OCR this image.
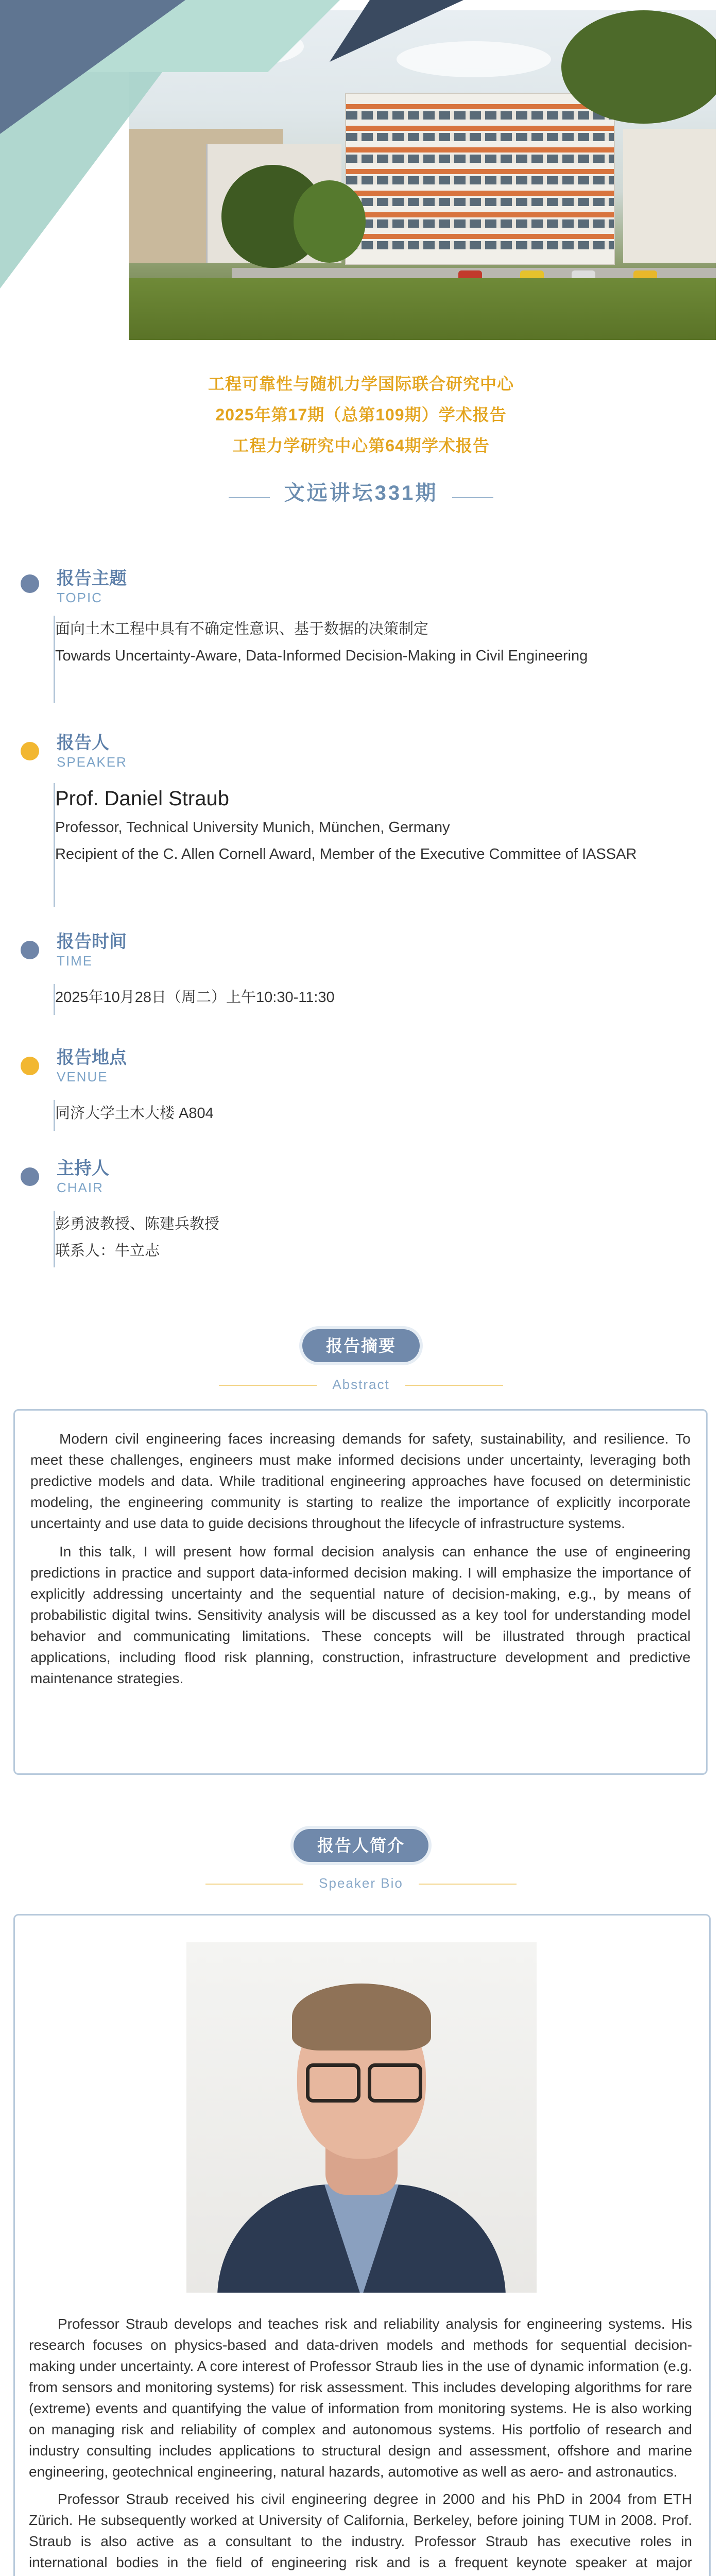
工程可靠性与随机力学国际联合研究中心
2025年第17期（总第109期）学术报告
工程力学研究中心第64期学术报告
文远讲坛331期
报告主题
TOPIC

面向土木工程中具有不确定性意识、基于数据的决策制定

Towards Uncertainty-Aware, Data-Informed Decision-Making in Civil Engineering

报告人
SPEAKER
Prof. Daniel Straub

Professor, Technical University Munich, München, Germany

Recipient of the C. Allen Cornell Award, Member of the Executive Committee of IASSAR

报告时间
TIME

2025年10月28日（周二）上午10:30-11:30

报告地点
VENUE

同济大学土木大楼 A804

主持人
CHAIR

彭勇波教授、陈建兵教授

联系人：牛立志

报告摘要
Abstract

Modern civil engineering faces increasing demands for safety, sustainability, and resilience. To meet these challenges, engineers must make informed decisions under uncertainty, leveraging both predictive models and data. While traditional engineering approaches have focused on deterministic modeling, the engineering community is starting to realize the importance of explicitly incorporate uncertainty and use data to guide decisions throughout the lifecycle of infrastructure systems.

In this talk, I will present how formal decision analysis can enhance the use of engineering predictions in practice and support data-informed decision making. I will emphasize the importance of explicitly addressing uncertainty and the sequential nature of decision-making, e.g., by means of probabilistic digital twins. Sensitivity analysis will be discussed as a key tool for understanding model behavior and communicating limitations. These concepts will be illustrated through practical applications, including flood risk planning, construction, infrastructure development and predictive maintenance strategies.

报告人简介
Speaker Bio

Professor Straub develops and teaches risk and reliability analysis for engineering systems. His research focuses on physics-based and data-driven models and methods for sequential decision-making under uncertainty. A core interest of Professor Straub lies in the use of dynamic information (e.g. from sensors and monitoring systems) for risk assessment. This includes developing algorithms for rare (extreme) events and quantifying the value of information from monitoring systems. He is also working on managing risk and reliability of complex and autonomous systems. His portfolio of research and industry consulting includes applications to structural design and assessment, offshore and marine engineering, geotechnical engineering, natural hazards, automotive as well as aero- and astronautics.

Professor Straub received his civil engineering degree in 2000 and his PhD in 2004 from ETH Zürich. He subsequently worked at University of California, Berkeley, before joining TUM in 2008. Prof. Straub is also active as a consultant to the industry. Professor Straub has executive roles in international bodies in the field of engineering risk and is a frequent keynote speaker at major
